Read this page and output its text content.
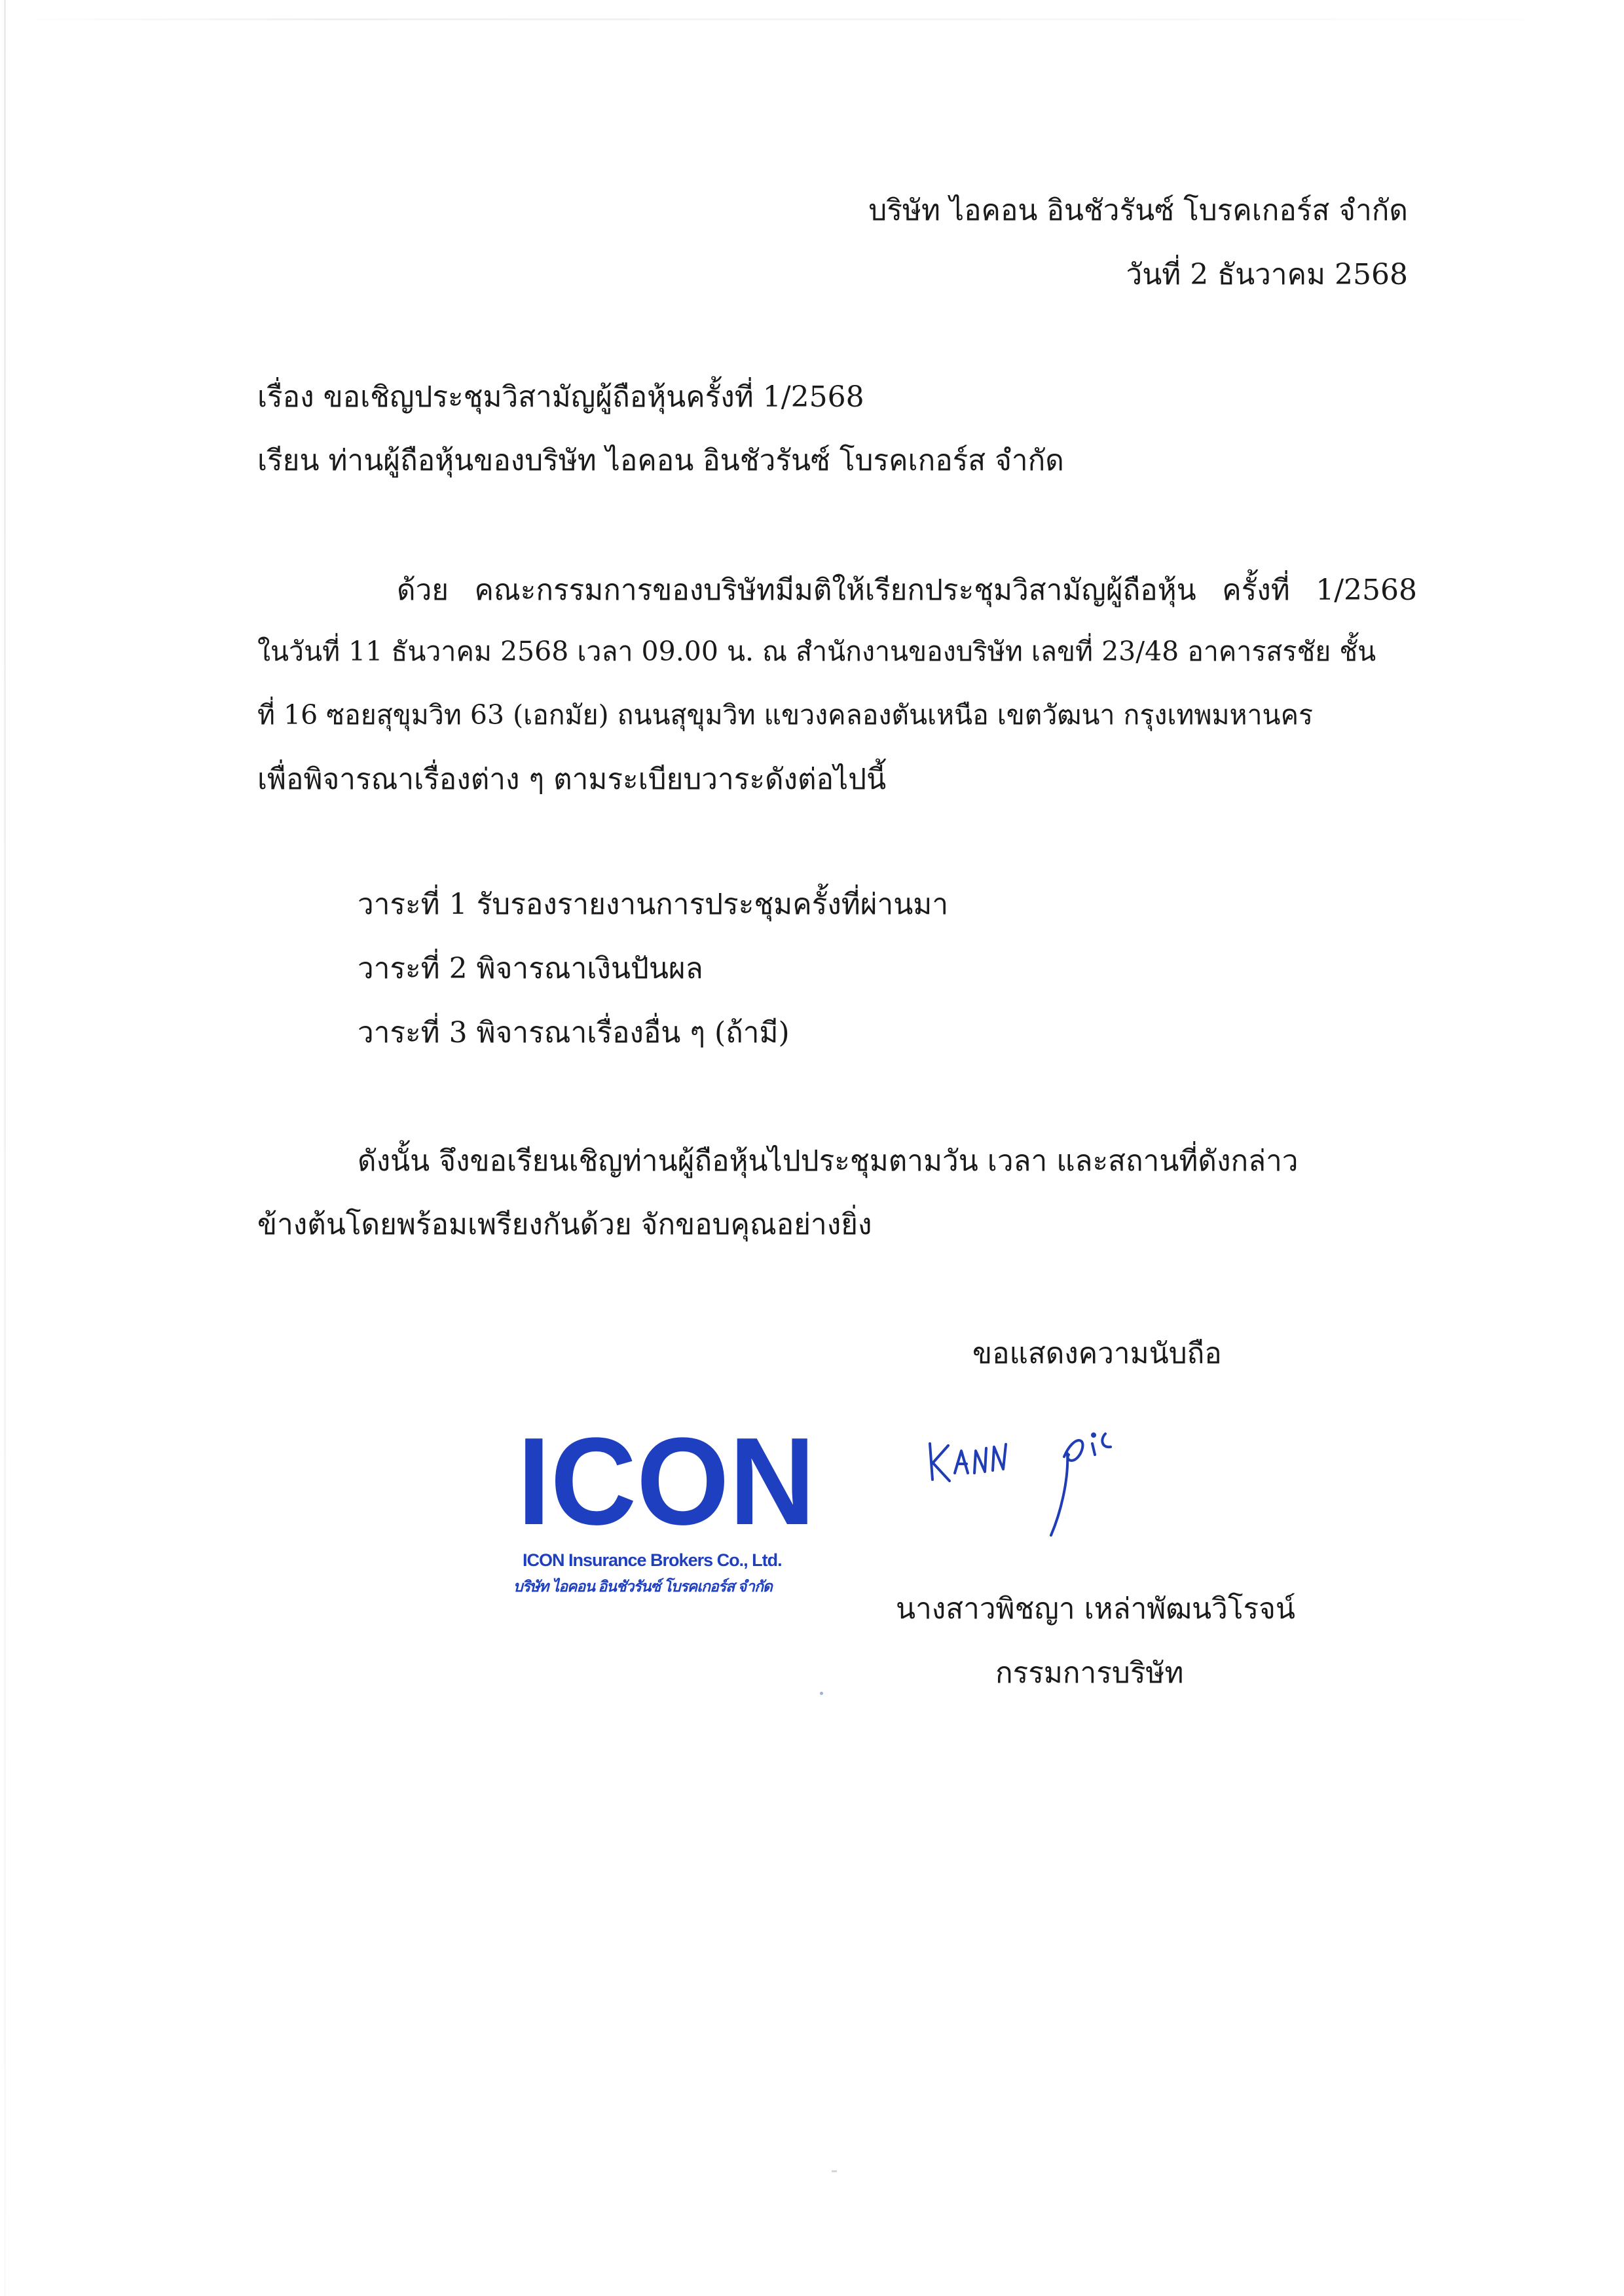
บริษัท ไอคอน อินชัวรันซ์ โบรคเกอร์ส จำกัด
วันที่ 2 ธันวาคม 2568
เรื่อง ขอเชิญประชุมวิสามัญผู้ถือหุ้นครั้งที่ 1/2568
เรียน ท่านผู้ถือหุ้นของบริษัท ไอคอน อินชัวรันซ์ โบรคเกอร์ส จำกัด
ด้วย คณะกรรมการของบริษัทมีมติให้เรียกประชุมวิสามัญผู้ถือหุ้น ครั้งที่ 1/2568
ในวันที่ 11 ธันวาคม 2568 เวลา 09.00 น. ณ สำนักงานของบริษัท เลขที่ 23/48 อาคารสรชัย ชั้น
ที่ 16 ซอยสุขุมวิท 63 (เอกมัย) ถนนสุขุมวิท แขวงคลองตันเหนือ เขตวัฒนา กรุงเทพมหานคร
เพื่อพิจารณาเรื่องต่าง ๆ ตามระเบียบวาระดังต่อไปนี้
วาระที่ 1 รับรองรายงานการประชุมครั้งที่ผ่านมา
วาระที่ 2 พิจารณาเงินปันผล
วาระที่ 3 พิจารณาเรื่องอื่น ๆ (ถ้ามี)
ดังนั้น จึงขอเรียนเชิญท่านผู้ถือหุ้นไปประชุมตามวัน เวลา และสถานที่ดังกล่าว
ข้างต้นโดยพร้อมเพรียงกันด้วย จักขอบคุณอย่างยิ่ง
ขอแสดงความนับถือ
ICON
ICON Insurance Brokers Co., Ltd.
บริษัท ไอคอน อินชัวรันซ์ โบรคเกอร์ส จำกัด
นางสาวพิชญา เหล่าพัฒนวิโรจน์
กรรมการบริษัท
